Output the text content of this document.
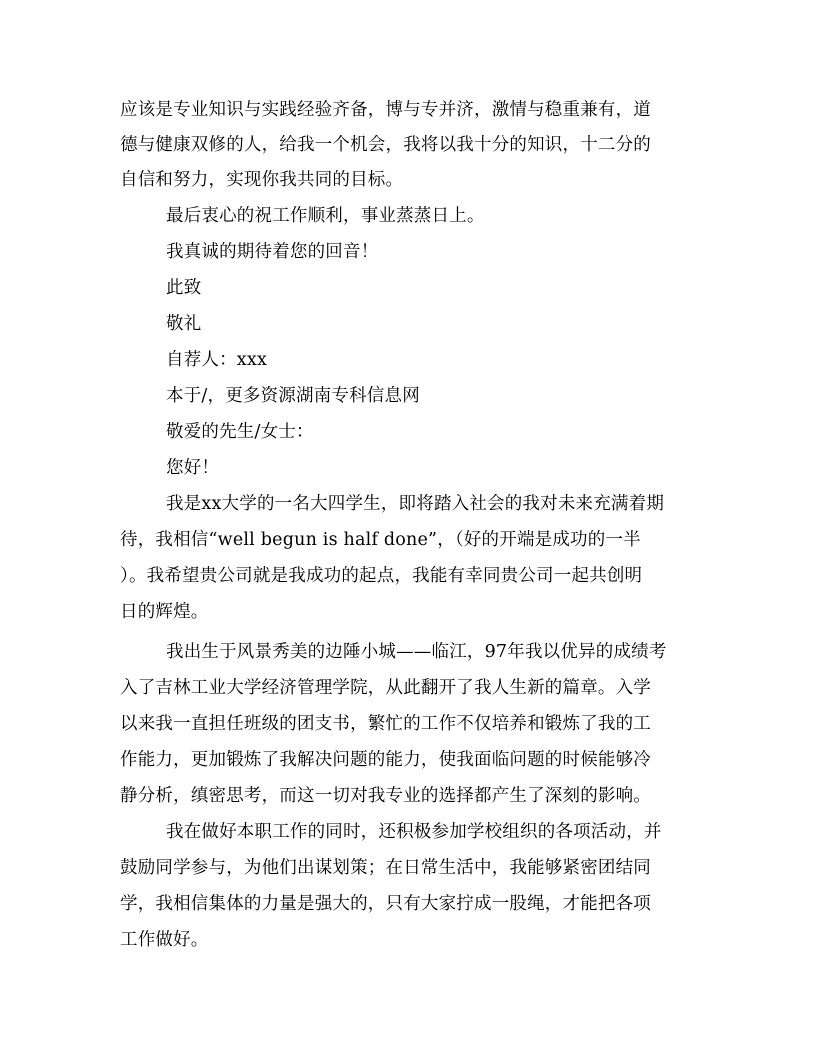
应该是专业知识与实践经验齐备，博与专并济，激情与稳重兼有，道
德与健康双修的人，给我一个机会，我将以我十分的知识，十二分的
自信和努力，实现你我共同的目标。
最后衷心的祝工作顺利，事业蒸蒸日上。
我真诚的期待着您的回音！
此致
敬礼
自荐人：xxx
本于/，更多资源湖南专科信息网
敬爱的先生/女士：
您好！
我是xx大学的一名大四学生，即将踏入社会的我对未来充满着期
待，我相信“well begun is half done”，（好的开端是成功的一半
）。我希望贵公司就是我成功的起点，我能有幸同贵公司一起共创明
日的辉煌。
我出生于风景秀美的边陲小城——临江，97年我以优异的成绩考
入了吉林工业大学经济管理学院，从此翻开了我人生新的篇章。入学
以来我一直担任班级的团支书，繁忙的工作不仅培养和锻炼了我的工
作能力，更加锻炼了我解决问题的能力，使我面临问题的时候能够冷
静分析，缜密思考，而这一切对我专业的选择都产生了深刻的影响。
我在做好本职工作的同时，还积极参加学校组织的各项活动，并
鼓励同学参与，为他们出谋划策；在日常生活中，我能够紧密团结同
学，我相信集体的力量是强大的，只有大家拧成一股绳，才能把各项
工作做好。
